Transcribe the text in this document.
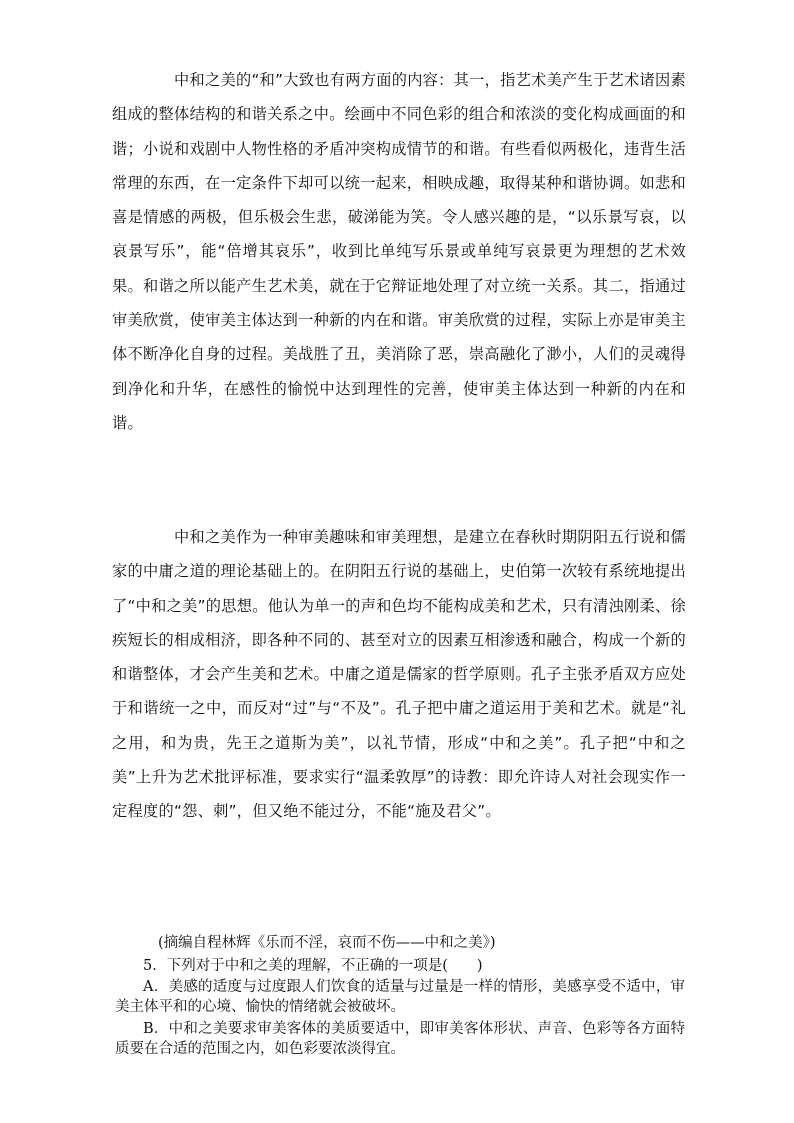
中和之美的“和”大致也有两方面的内容：其一，指艺术美产生于艺术诸因素组成的整体结构的和谐关系之中。绘画中不同色彩的组合和浓淡的变化构成画面的和谐；小说和戏剧中人物性格的矛盾冲突构成情节的和谐。有些看似两极化，违背生活常理的东西，在一定条件下却可以统一起来，相映成趣，取得某种和谐协调。如悲和喜是情感的两极，但乐极会生悲，破涕能为笑。令人感兴趣的是，“以乐景写哀，以哀景写乐”，能“倍增其哀乐”，收到比单纯写乐景或单纯写哀景更为理想的艺术效果。和谐之所以能产生艺术美，就在于它辩证地处理了对立统一关系。其二，指通过审美欣赏，使审美主体达到一种新的内在和谐。审美欣赏的过程，实际上亦是审美主体不断净化自身的过程。美战胜了丑，美消除了恶，崇高融化了渺小，人们的灵魂得到净化和升华，在感性的愉悦中达到理性的完善，使审美主体达到一种新的内在和谐。

中和之美作为一种审美趣味和审美理想，是建立在春秋时期阴阳五行说和儒家的中庸之道的理论基础上的。在阴阳五行说的基础上，史伯第一次较有系统地提出了“中和之美”的思想。他认为单一的声和色均不能构成美和艺术，只有清浊刚柔、徐疾短长的相成相济，即各种不同的、甚至对立的因素互相渗透和融合，构成一个新的和谐整体，才会产生美和艺术。中庸之道是儒家的哲学原则。孔子主张矛盾双方应处于和谐统一之中，而反对“过”与“不及”。孔子把中庸之道运用于美和艺术。就是“礼之用，和为贵，先王之道斯为美”，以礼节情，形成“中和之美”。孔子把“中和之美”上升为艺术批评标准，要求实行“温柔敦厚”的诗教：即允许诗人对社会现实作一定程度的“怨、刺”，但又绝不能过分，不能“施及君父”。

(摘编自程林辉《乐而不淫，哀而不伤——中和之美》)

5．下列对于中和之美的理解，不正确的一项是(　　)

A．美感的适度与过度跟人们饮食的适量与过量是一样的情形，美感享受不适中，审美主体平和的心境、愉快的情绪就会被破坏。

B．中和之美要求审美客体的美质要适中，即审美客体形状、声音、色彩等各方面特质要在合适的范围之内，如色彩要浓淡得宜。
